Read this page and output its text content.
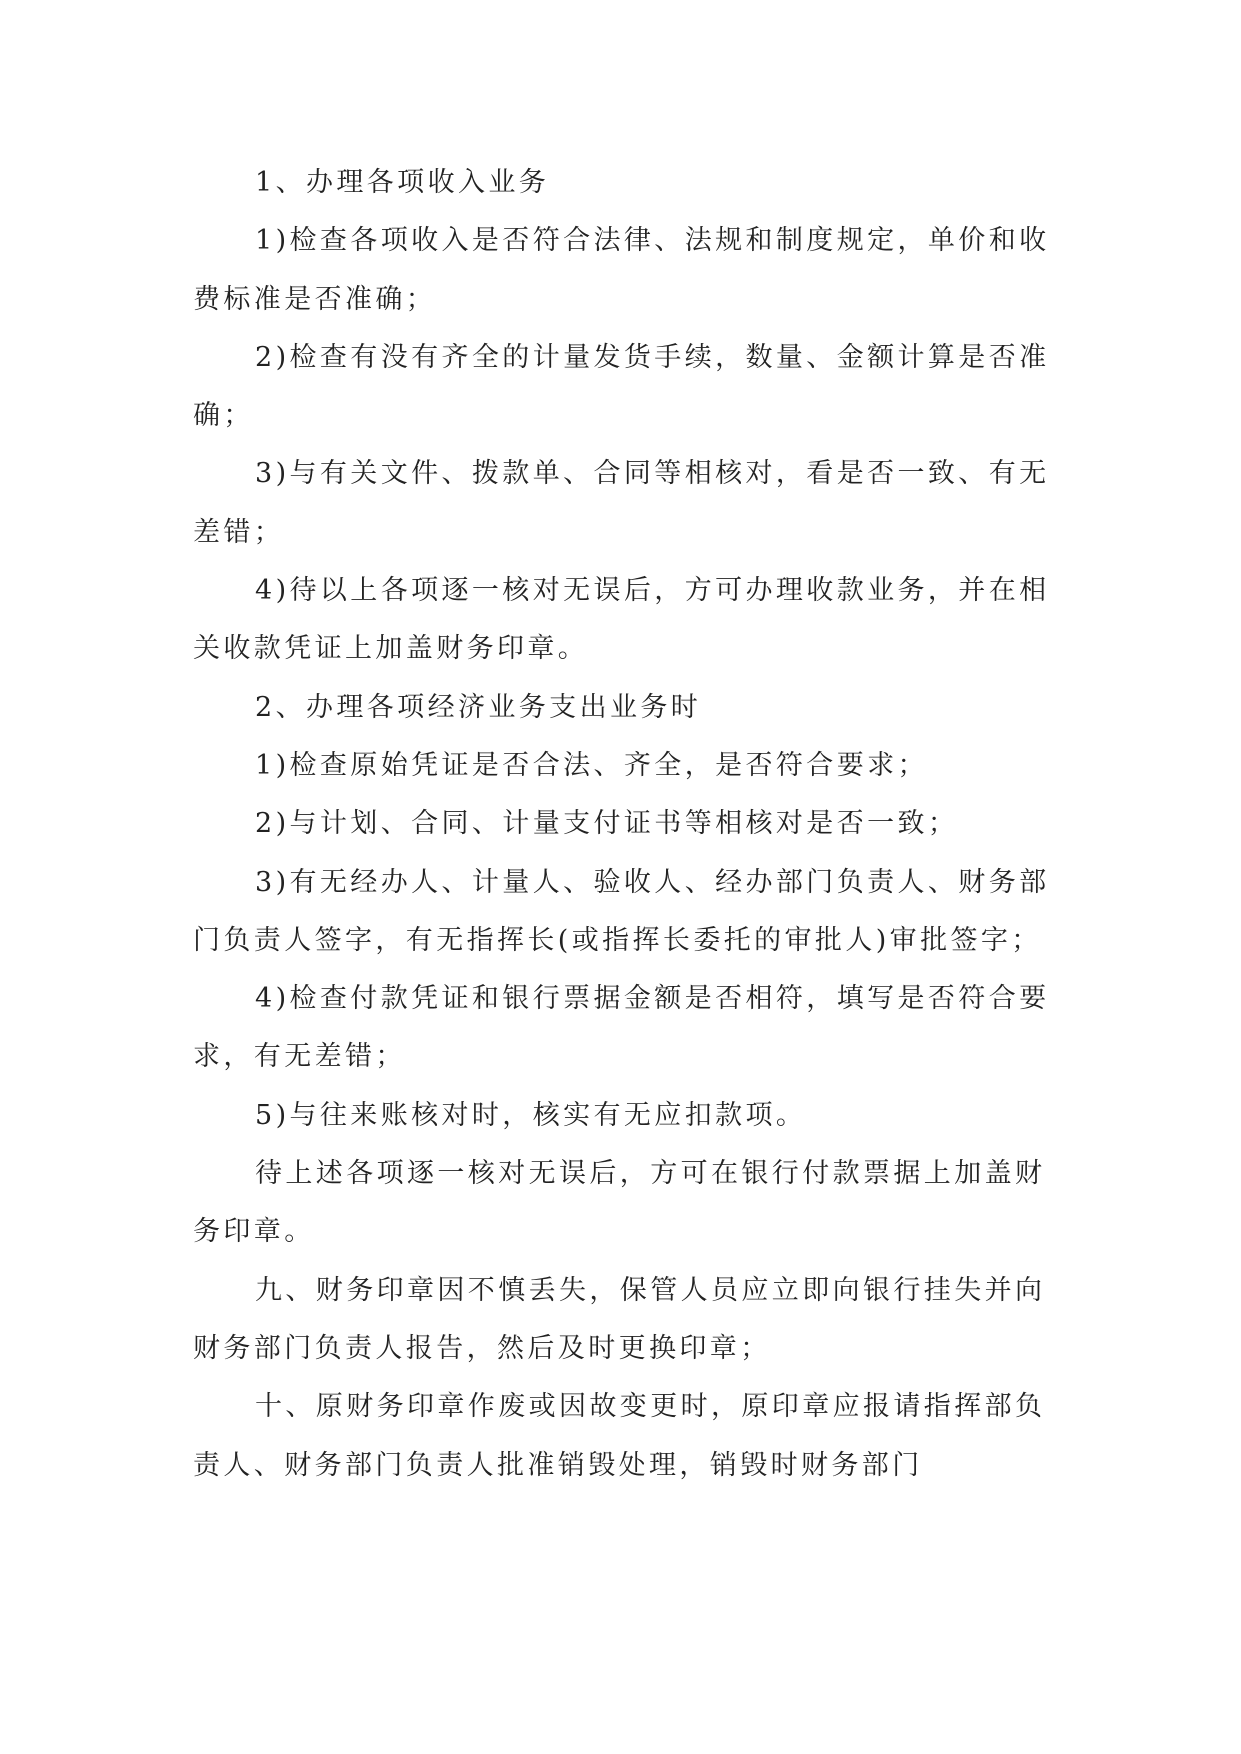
1、办理各项收入业务

1)检查各项收入是否符合法律、法规和制度规定，单价和收费标准是否准确；

2)检查有没有齐全的计量发货手续，数量、金额计算是否准确；

3)与有关文件、拨款单、合同等相核对，看是否一致、有无差错；

4)待以上各项逐一核对无误后，方可办理收款业务，并在相关收款凭证上加盖财务印章。

2、办理各项经济业务支出业务时

1)检查原始凭证是否合法、齐全，是否符合要求；

2)与计划、合同、计量支付证书等相核对是否一致；

3)有无经办人、计量人、验收人、经办部门负责人、财务部门负责人签字，有无指挥长(或指挥长委托的审批人)审批签字；

4)检查付款凭证和银行票据金额是否相符，填写是否符合要求，有无差错；

5)与往来账核对时，核实有无应扣款项。

待上述各项逐一核对无误后，方可在银行付款票据上加盖财务印章。

九、财务印章因不慎丢失，保管人员应立即向银行挂失并向财务部门负责人报告，然后及时更换印章；

十、原财务印章作废或因故变更时，原印章应报请指挥部负责人、财务部门负责人批准销毁处理，销毁时财务部门
